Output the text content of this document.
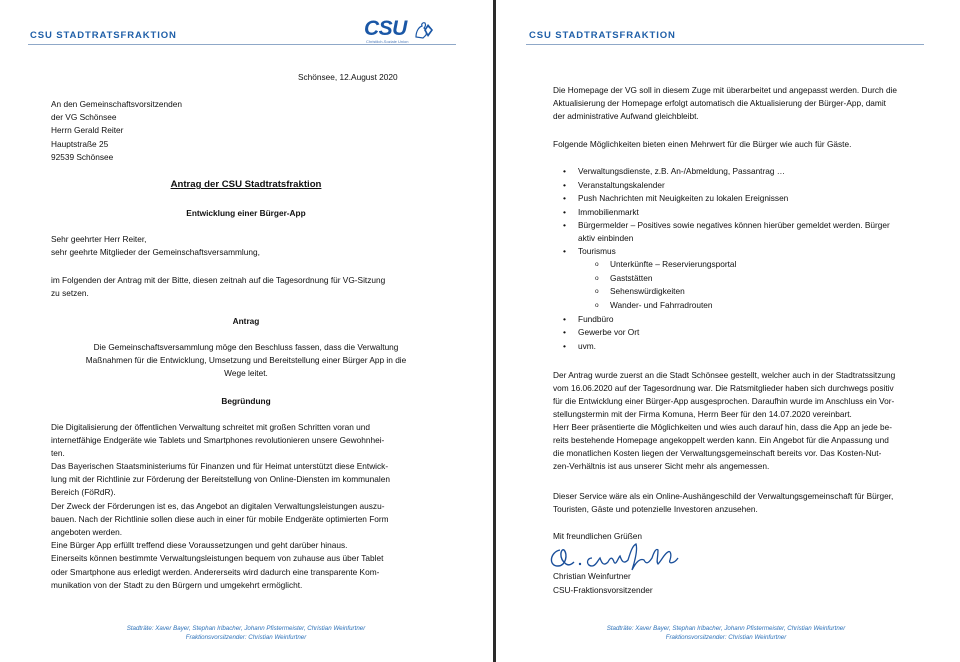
CSU STADTRATSFRAKTION	CSU
Christlich-Soziale Union
Schönsee, 12.August 2020
An den Gemeinschaftsvorsitzenden
der VG Schönsee
Herrn Gerald Reiter
Hauptstraße 25
92539 Schönsee
Antrag der CSU Stadtratsfraktion
Entwicklung einer Bürger-App
Sehr geehrter Herr Reiter,
sehr geehrte Mitglieder der Gemeinschaftsversammlung,
im Folgenden der Antrag mit der Bitte, diesen zeitnah auf die Tagesordnung für VG-Sitzung
zu setzen.
Antrag
Die Gemeinschaftsversammlung möge den Beschluss fassen, dass die Verwaltung
Maßnahmen für die Entwicklung, Umsetzung und Bereitstellung einer Bürger App in die
Wege leitet.
Begründung
Die Digitalisierung der öffentlichen Verwaltung schreitet mit großen Schritten voran und
internetfähige Endgeräte wie Tablets und Smartphones revolutionieren unsere Gewohnhei-
ten.
Das Bayerischen Staatsministeriums für Finanzen und für Heimat unterstützt diese Entwick-
lung mit der Richtlinie zur Förderung der Bereitstellung von Online-Diensten im kommunalen
Bereich (FöRdR).
Der Zweck der Förderungen ist es, das Angebot an digitalen Verwaltungsleistungen auszu-
bauen. Nach der Richtlinie sollen diese auch in einer für mobile Endgeräte optimierten Form
angeboten werden.
Eine Bürger App erfüllt treffend diese Voraussetzungen und geht darüber hinaus.
Einerseits können bestimmte Verwaltungsleistungen bequem von zuhause aus über Tablet
oder Smartphone aus erledigt werden. Andererseits wird dadurch eine transparente Kom-
munikation von der Stadt zu den Bürgern und umgekehrt ermöglicht.
Stadträte: Xaver Bayer, Stephan Irlbacher, Johann Pfistermeister, Christian Weinfurtner
Fraktionsvorsitzender: Christian Weinfurtner
CSU STADTRATSFRAKTION
Die Homepage der VG soll in diesem Zuge mit überarbeitet und angepasst werden. Durch die
Aktualisierung der Homepage erfolgt automatisch die Aktualisierung der Bürger-App, damit
der administrative Aufwand gleichbleibt.
Folgende Möglichkeiten bieten einen Mehrwert für die Bürger wie auch für Gäste.
• Verwaltungsdienste, z.B. An-/Abmeldung, Passantrag …
• Veranstaltungskalender
• Push Nachrichten mit Neuigkeiten zu lokalen Ereignissen
• Immobilienmarkt
• Bürgermelder – Positives sowie negatives können hierüber gemeldet werden. Bürger
aktiv einbinden
• Tourismus
o Unterkünfte – Reservierungsportal
o Gaststätten
o Sehenswürdigkeiten
o Wander- und Fahrradrouten
• Fundbüro
• Gewerbe vor Ort
• uvm.
Der Antrag wurde zuerst an die Stadt Schönsee gestellt, welcher auch in der Stadtratssitzung
vom 16.06.2020 auf der Tagesordnung war. Die Ratsmitglieder haben sich durchwegs positiv
für die Entwicklung einer Bürger-App ausgesprochen. Daraufhin wurde im Anschluss ein Vor-
stellungstermin mit der Firma Komuna, Herrn Beer für den 14.07.2020 vereinbart.
Herr Beer präsentierte die Möglichkeiten und wies auch darauf hin, dass die App an jede be-
reits bestehende Homepage angekoppelt werden kann. Ein Angebot für die Anpassung und
die monatlichen Kosten liegen der Verwaltungsgemeinschaft bereits vor. Das Kosten-Nut-
zen-Verhältnis ist aus unserer Sicht mehr als angemessen.
Dieser Service wäre als ein Online-Aushängeschild der Verwaltungsgemeinschaft für Bürger,
Touristen, Gäste und potenzielle Investoren anzusehen.
Mit freundlichen Grüßen
Christian Weinfurtner
CSU-Fraktionsvorsitzender
Stadträte: Xaver Bayer, Stephan Irlbacher, Johann Pfistermeister, Christian Weinfurtner
Fraktionsvorsitzender: Christian Weinfurtner
